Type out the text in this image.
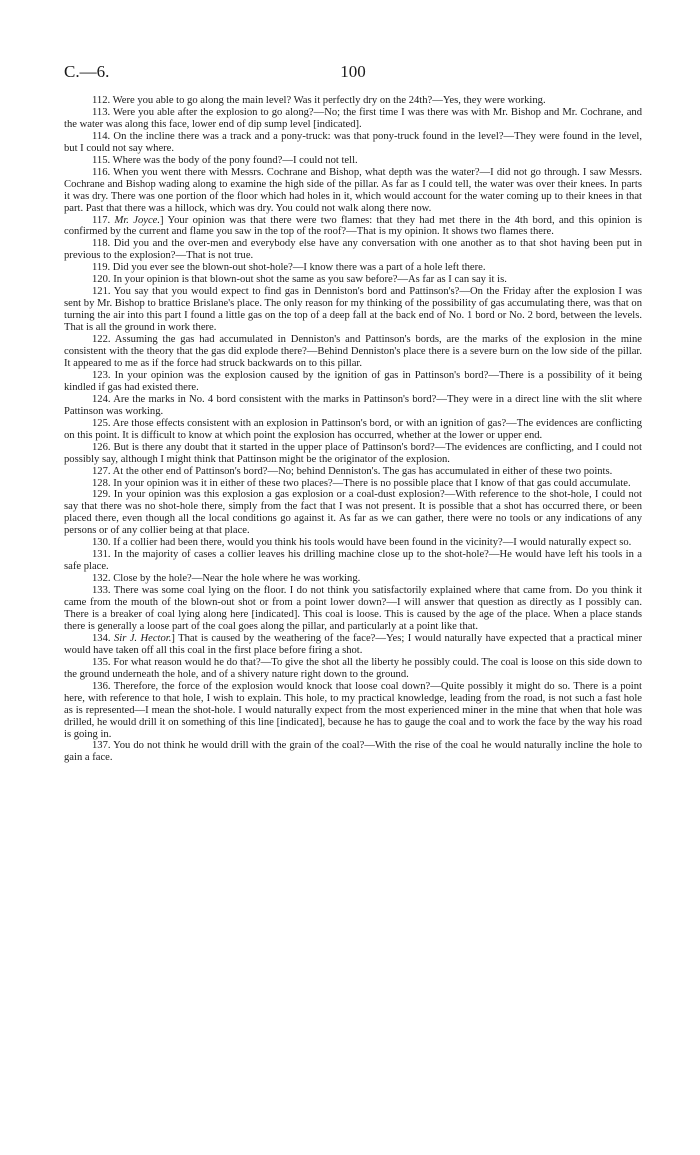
C.—6.	100

112. Were you able to go along the main level? Was it perfectly dry on the 24th?—Yes, they were working.

113. Were you able after the explosion to go along?—No; the first time I was there was with Mr. Bishop and Mr. Cochrane, and the water was along this face, lower end of dip sump level [indicated].

114. On the incline there was a track and a pony-truck: was that pony-truck found in the level?—They were found in the level, but I could not say where.

115. Where was the body of the pony found?—I could not tell.

116. When you went there with Messrs. Cochrane and Bishop, what depth was the water?—I did not go through. I saw Messrs. Cochrane and Bishop wading along to examine the high side of the pillar. As far as I could tell, the water was over their knees. In parts it was dry. There was one portion of the floor which had holes in it, which would account for the water coming up to their knees in that part. Past that there was a hillock, which was dry. You could not walk along there now.

117. Mr. Joyce.] Your opinion was that there were two flames: that they had met there in the 4th bord, and this opinion is confirmed by the current and flame you saw in the top of the roof?—That is my opinion. It shows two flames there.

118. Did you and the over-men and everybody else have any conversation with one another as to that shot having been put in previous to the explosion?—That is not true.

119. Did you ever see the blown-out shot-hole?—I know there was a part of a hole left there.

120. In your opinion is that blown-out shot the same as you saw before?—As far as I can say it is.

121. You say that you would expect to find gas in Denniston's bord and Pattinson's?—On the Friday after the explosion I was sent by Mr. Bishop to brattice Brislane's place. The only reason for my thinking of the possibility of gas accumulating there, was that on turning the air into this part I found a little gas on the top of a deep fall at the back end of No. 1 bord or No. 2 bord, between the levels. That is all the ground in work there.

122. Assuming the gas had accumulated in Denniston's and Pattinson's bords, are the marks of the explosion in the mine consistent with the theory that the gas did explode there?—Behind Denniston's place there is a severe burn on the low side of the pillar. It appeared to me as if the force had struck backwards on to this pillar.

123. In your opinion was the explosion caused by the ignition of gas in Pattinson's bord?—There is a possibility of it being kindled if gas had existed there.

124. Are the marks in No. 4 bord consistent with the marks in Pattinson's bord?—They were in a direct line with the slit where Pattinson was working.

125. Are those effects consistent with an explosion in Pattinson's bord, or with an ignition of gas?—The evidences are conflicting on this point. It is difficult to know at which point the explosion has occurred, whether at the lower or upper end.

126. But is there any doubt that it started in the upper place of Pattinson's bord?—The evidences are conflicting, and I could not possibly say, although I might think that Pattinson might be the originator of the explosion.

127. At the other end of Pattinson's bord?—No; behind Denniston's. The gas has accumulated in either of these two points.

128. In your opinion was it in either of these two places?—There is no possible place that I know of that gas could accumulate.

129. In your opinion was this explosion a gas explosion or a coal-dust explosion?—With reference to the shot-hole, I could not say that there was no shot-hole there, simply from the fact that I was not present. It is possible that a shot has occurred there, or been placed there, even though all the local conditions go against it. As far as we can gather, there were no tools or any indications of any persons or of any collier being at that place.

130. If a collier had been there, would you think his tools would have been found in the vicinity?—I would naturally expect so.

131. In the majority of cases a collier leaves his drilling machine close up to the shot-hole?—He would have left his tools in a safe place.

132. Close by the hole?—Near the hole where he was working.

133. There was some coal lying on the floor. I do not think you satisfactorily explained where that came from. Do you think it came from the mouth of the blown-out shot or from a point lower down?—I will answer that question as directly as I possibly can. There is a breaker of coal lying along here [indicated]. This coal is loose. This is caused by the age of the place. When a place stands there is generally a loose part of the coal goes along the pillar, and particularly at a point like that.

134. Sir J. Hector.] That is caused by the weathering of the face?—Yes; I would naturally have expected that a practical miner would have taken off all this coal in the first place before firing a shot.

135. For what reason would he do that?—To give the shot all the liberty he possibly could. The coal is loose on this side down to the ground underneath the hole, and of a shivery nature right down to the ground.

136. Therefore, the force of the explosion would knock that loose coal down?—Quite possibly it might do so. There is a point here, with reference to that hole, I wish to explain. This hole, to my practical knowledge, leading from the road, is not such a fast hole as is represented—I mean the shot-hole. I would naturally expect from the most experienced miner in the mine that when that hole was drilled, he would drill it on something of this line [indicated], because he has to gauge the coal and to work the face by the way his road is going in.

137. You do not think he would drill with the grain of the coal?—With the rise of the coal he would naturally incline the hole to gain a face.
